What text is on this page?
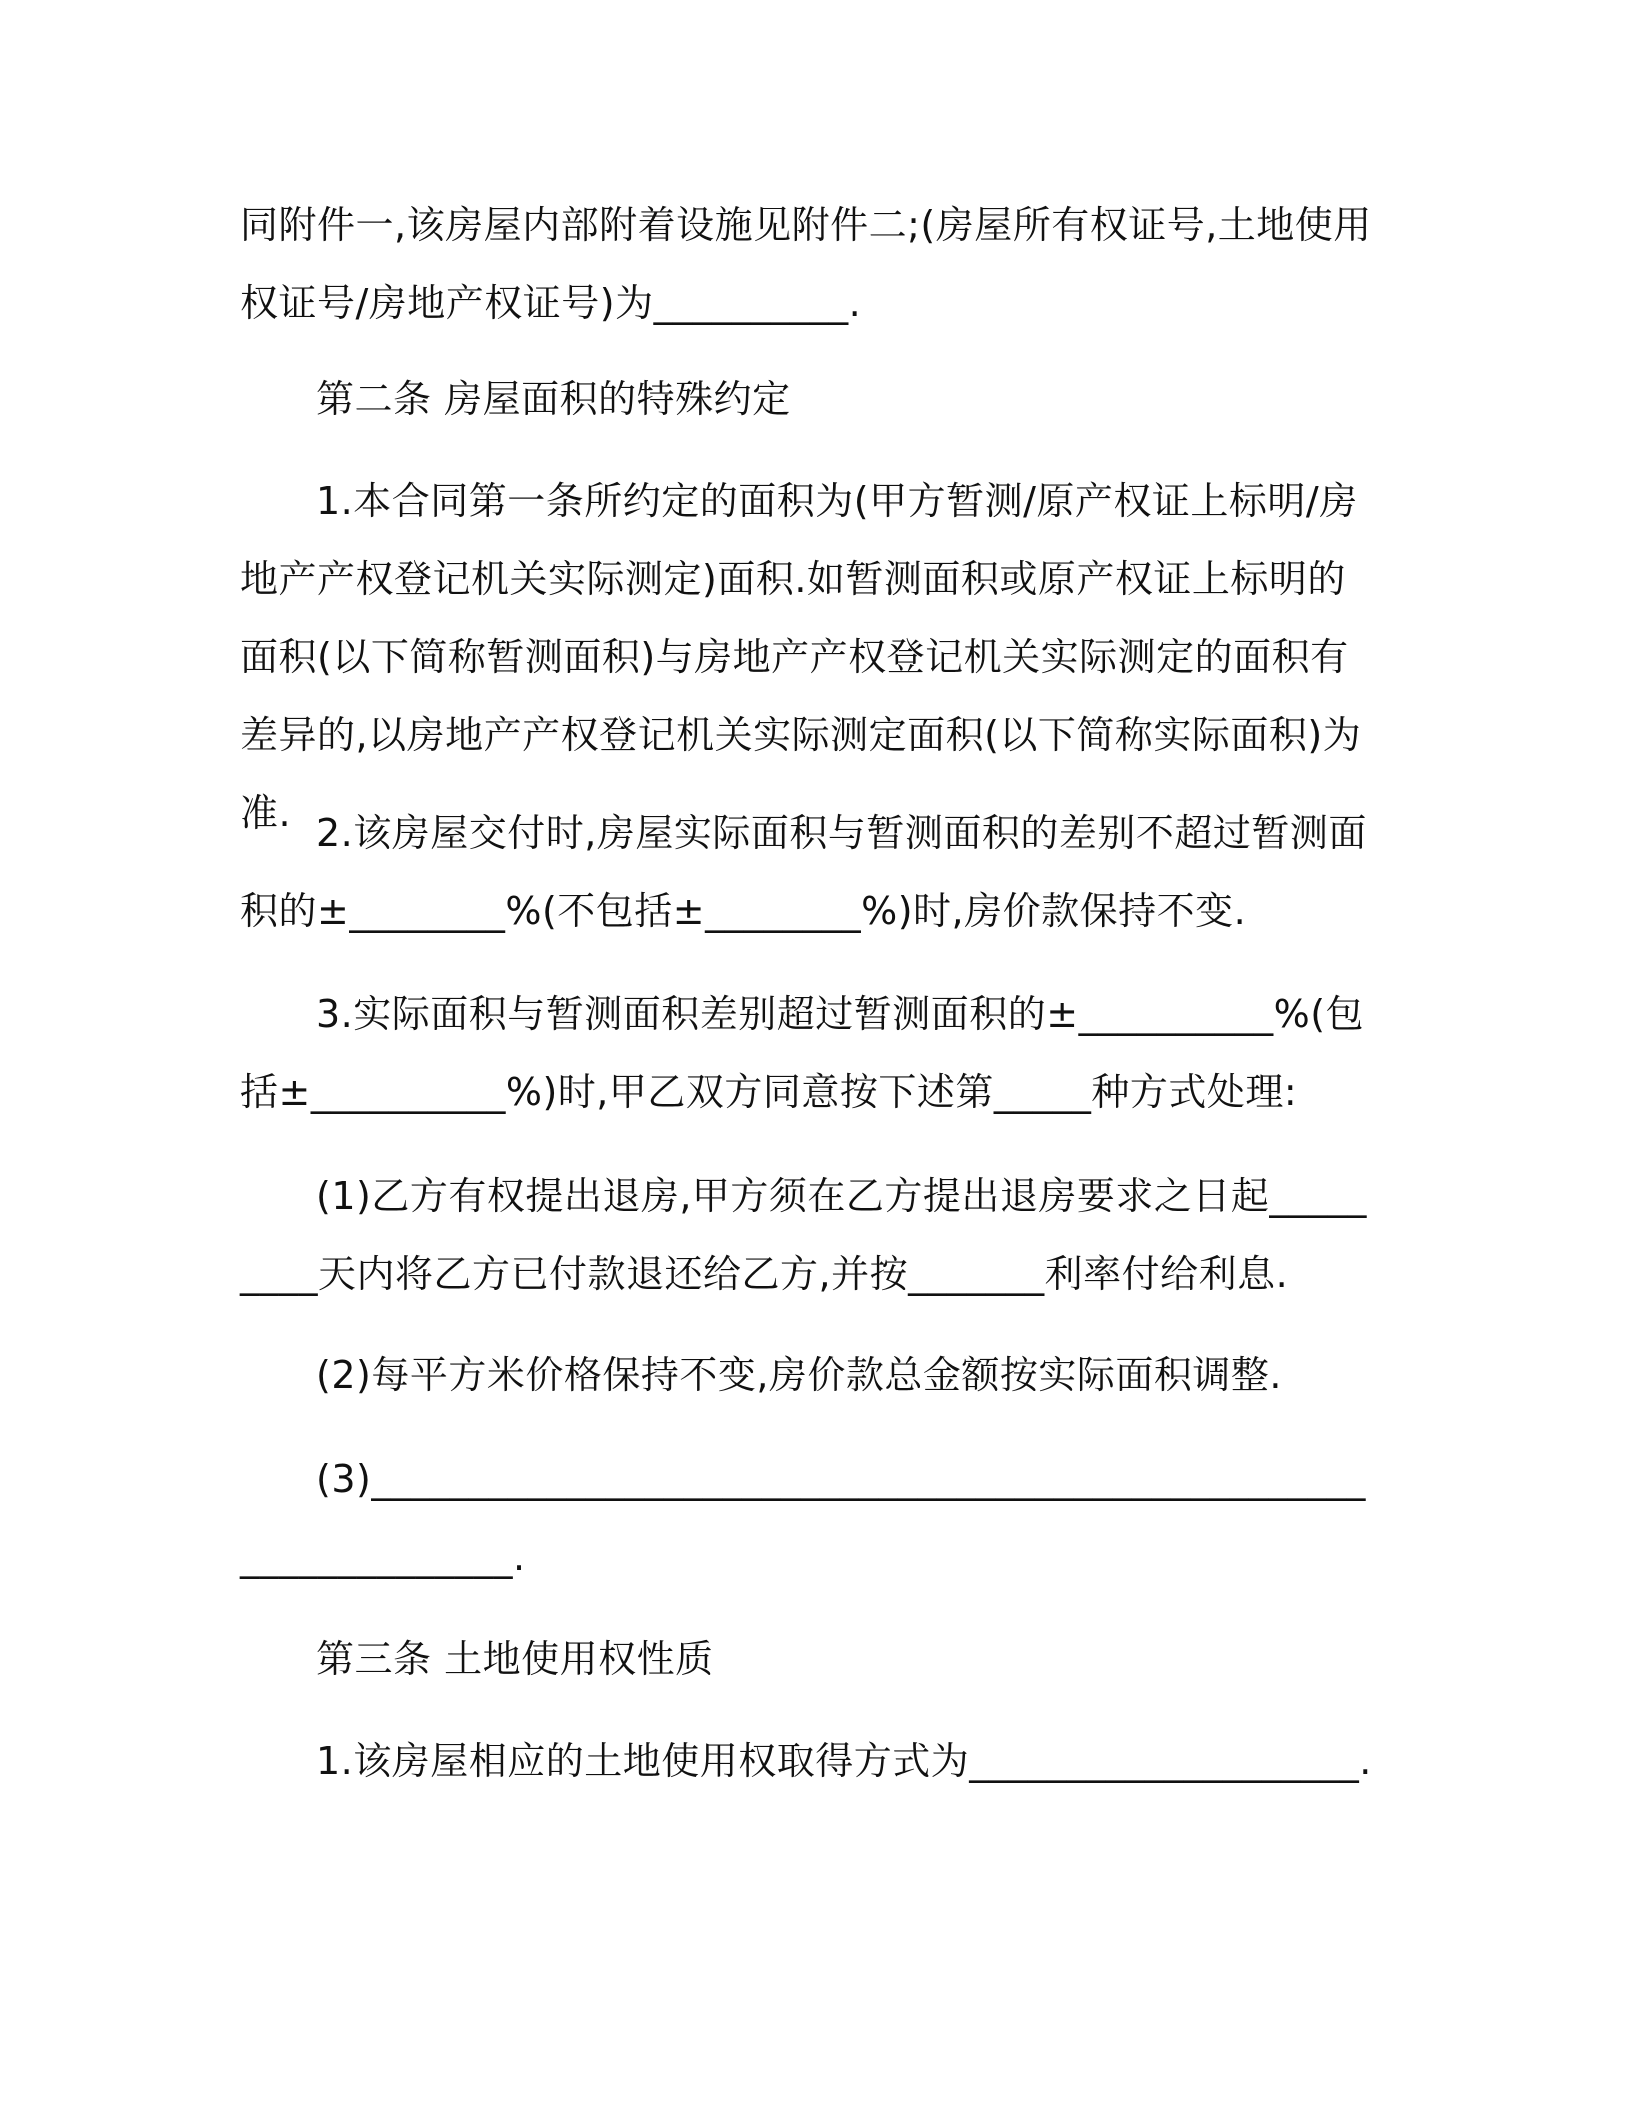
同附件一,该房屋内部附着设施见附件二;(房屋所有权证号,土地使用权证号/房地产权证号)为__________.

第二条 房屋面积的特殊约定

1.本合同第一条所约定的面积为(甲方暂测/原产权证上标明/房地产产权登记机关实际测定)面积.如暂测面积或原产权证上标明的面积(以下简称暂测面积)与房地产产权登记机关实际测定的面积有差异的,以房地产产权登记机关实际测定面积(以下简称实际面积)为准. 2.该房屋交付时,房屋实际面积与暂测面积的差别不超过暂测面积的±________%(不包括±________%)时,房价款保持不变.

3.实际面积与暂测面积差别超过暂测面积的±__________%(包括±__________%)时,甲乙双方同意按下述第_____种方式处理:

(1)乙方有权提出退房,甲方须在乙方提出退房要求之日起_________天内将乙方已付款退还给乙方,并按_______利率付给利息.

(2)每平方米价格保持不变,房价款总金额按实际面积调整.

(3)_________________________________________________________________.

第三条 土地使用权性质

1.该房屋相应的土地使用权取得方式为____________________.
